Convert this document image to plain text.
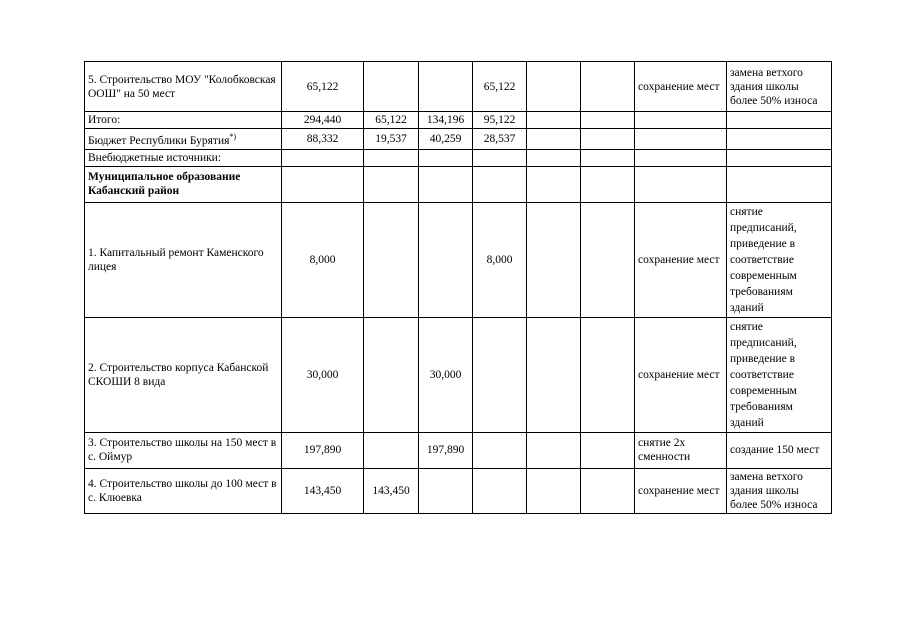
5. Строительство МОУ "Колобковская ООШ" на 50 мест	65,122			65,122			сохранение мест	замена ветхого здания школы более 50% износа
Итого:	294,440	65,122	134,196	95,122				
Бюджет Республики Бурятия*)	88,332	19,537	40,259	28,537				
Внебюджетные источники:								
Муниципальное образование Кабанский район								
1. Капитальный ремонт Каменского лицея	8,000			8,000			сохранение мест	снятие предписаний, приведение в соответствие современным требованиям зданий
2. Строительство корпуса Кабанской СКОШИ 8 вида	30,000		30,000				сохранение мест	снятие предписаний, приведение в соответствие современным требованиям зданий
3. Строительство школы на 150 мест в с. Оймур	197,890		197,890				снятие 2х сменности	создание 150 мест
4. Строительство школы до 100 мест в с. Клюевка	143,450	143,450					сохранение мест	замена ветхого здания школы более 50% износа
